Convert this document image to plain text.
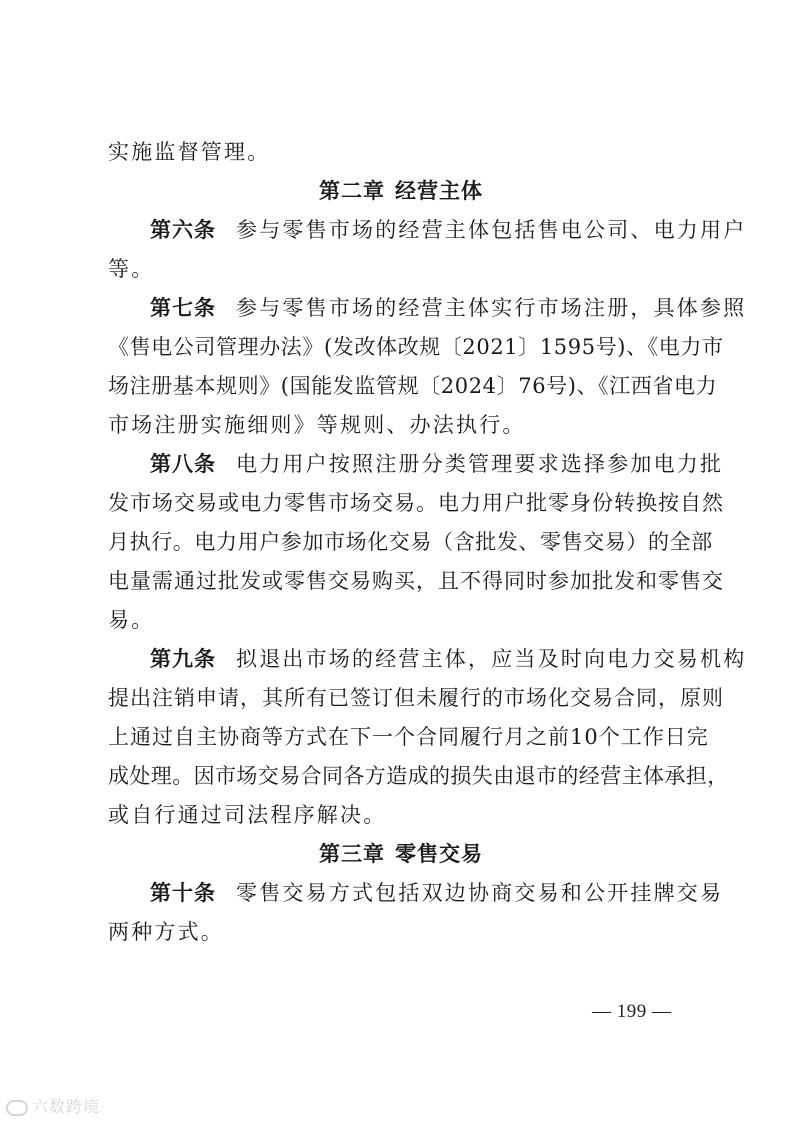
实施监督管理。
第二章 经营主体
第六条 参与零售市场的经营主体包括售电公司、电力用户
等。
第七条 参与零售市场的经营主体实行市场注册，具体参照
《售电公司管理办法》(发改体改规〔2021〕1595号)、《电力市
场注册基本规则》(国能发监管规〔2024〕76号)、《江西省电力
市场注册实施细则》等规则、办法执行。
第八条 电力用户按照注册分类管理要求选择参加电力批
发市场交易或电力零售市场交易。电力用户批零身份转换按自然
月执行。电力用户参加市场化交易（含批发、零售交易）的全部
电量需通过批发或零售交易购买，且不得同时参加批发和零售交
易。
第九条 拟退出市场的经营主体，应当及时向电力交易机构
提出注销申请，其所有已签订但未履行的市场化交易合同，原则
上通过自主协商等方式在下一个合同履行月之前10个工作日完
成处理。因市场交易合同各方造成的损失由退市的经营主体承担，
或自行通过司法程序解决。
第三章 零售交易
第十条 零售交易方式包括双边协商交易和公开挂牌交易
两种方式。
— 199 —
六数跨境
